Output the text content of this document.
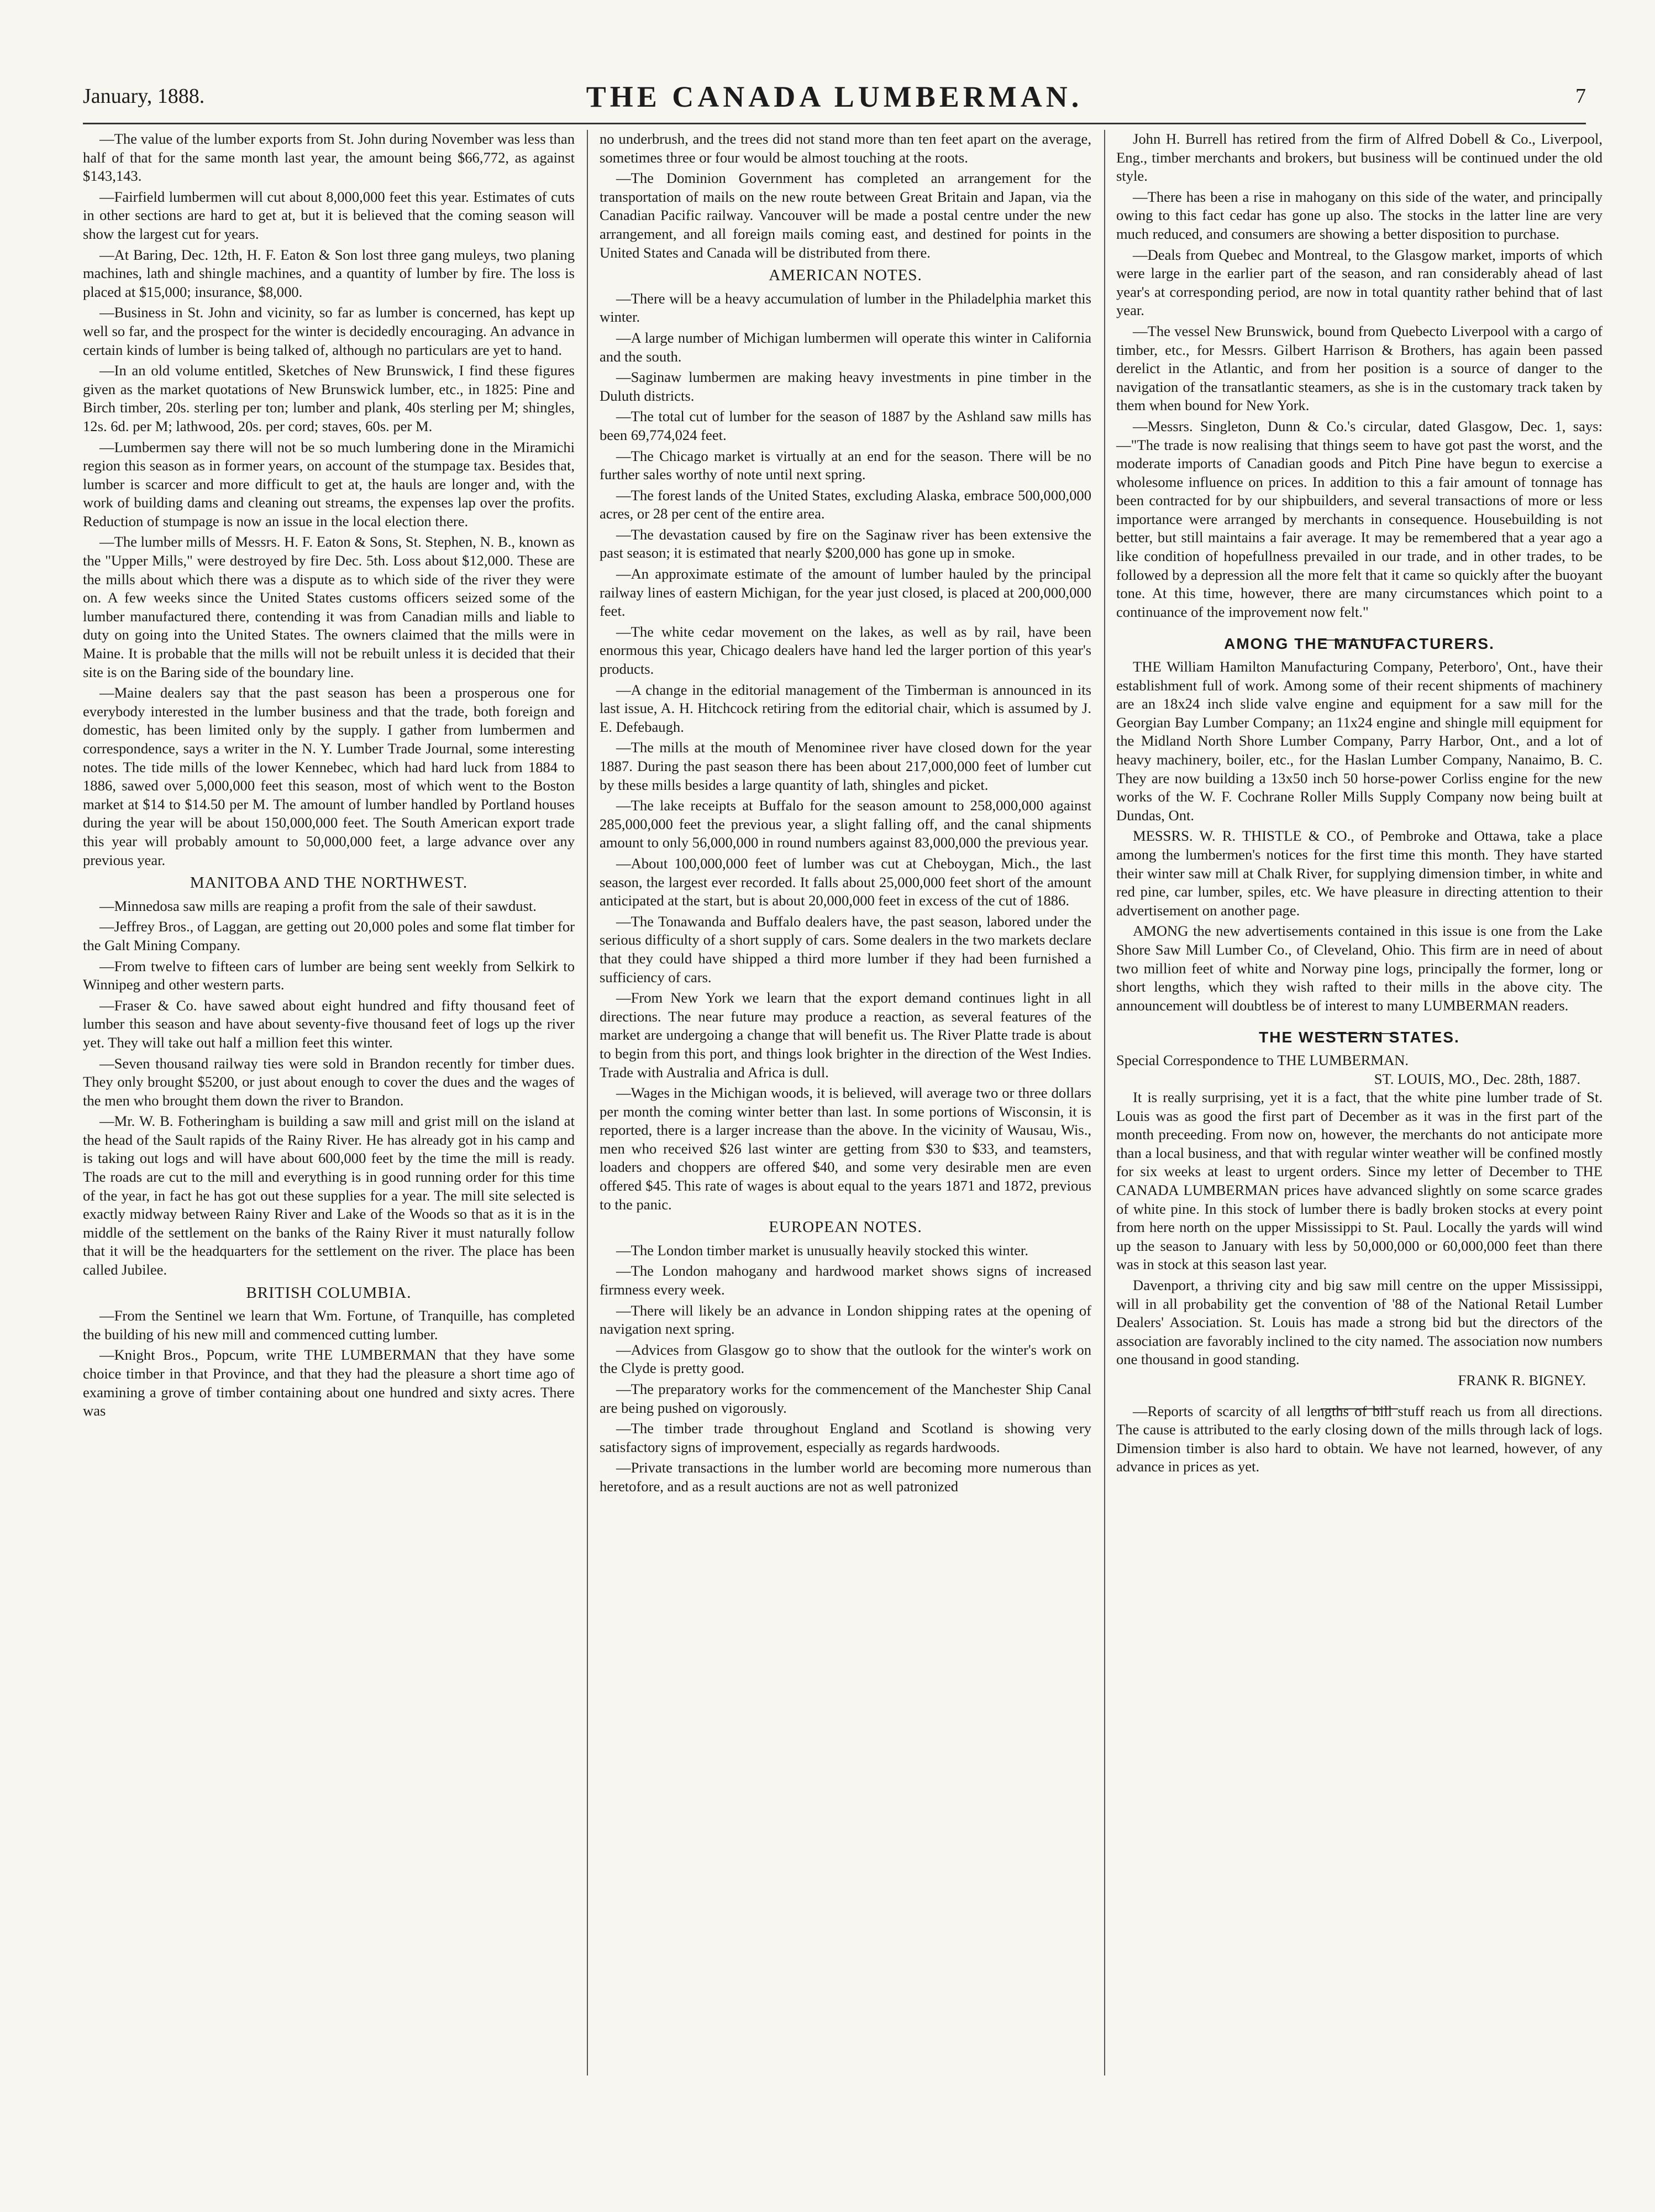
January, 1888.	THE CANADA LUMBERMAN.	7

—The value of the lumber exports from St. John during November was less than half of that for the same month last year, the amount being $66,772, as against $143,143.

—Fairfield lumbermen will cut about 8,000,000 feet this year. Estimates of cuts in other sections are hard to get at, but it is believed that the coming season will show the largest cut for years.

—At Baring, Dec. 12th, H. F. Eaton & Son lost three gang muleys, two planing machines, lath and shingle machines, and a quantity of lumber by fire. The loss is placed at $15,000; insurance, $8,000.

—Business in St. John and vicinity, so far as lumber is concerned, has kept up well so far, and the prospect for the winter is decidedly encouraging. An advance in certain kinds of lumber is being talked of, although no particulars are yet to hand.

—In an old volume entitled, Sketches of New Brunswick, I find these figures given as the market quotations of New Brunswick lumber, etc., in 1825: Pine and Birch timber, 20s. sterling per ton; lumber and plank, 40s sterling per M; shingles, 12s. 6d. per M; lathwood, 20s. per cord; staves, 60s. per M.

—Lumbermen say there will not be so much lumbering done in the Miramichi region this season as in former years, on account of the stumpage tax. Besides that, lumber is scarcer and more difficult to get at, the hauls are longer and, with the work of building dams and cleaning out streams, the expenses lap over the profits. Reduction of stumpage is now an issue in the local election there.

—The lumber mills of Messrs. H. F. Eaton & Sons, St. Stephen, N. B., known as the "Upper Mills," were destroyed by fire Dec. 5th. Loss about $12,000. These are the mills about which there was a dispute as to which side of the river they were on. A few weeks since the United States customs officers seized some of the lumber manufactured there, contending it was from Canadian mills and liable to duty on going into the United States. The owners claimed that the mills were in Maine. It is probable that the mills will not be rebuilt unless it is decided that their site is on the Baring side of the boundary line.

—Maine dealers say that the past season has been a prosperous one for everybody interested in the lumber business and that the trade, both foreign and domestic, has been limited only by the supply. I gather from lumbermen and correspondence, says a writer in the N. Y. Lumber Trade Journal, some interesting notes. The tide mills of the lower Kennebec, which had hard luck from 1884 to 1886, sawed over 5,000,000 feet this season, most of which went to the Boston market at $14 to $14.50 per M. The amount of lumber handled by Portland houses during the year will be about 150,000,000 feet. The South American export trade this year will probably amount to 50,000,000 feet, a large advance over any previous year.

MANITOBA AND THE NORTHWEST.

—Minnedosa saw mills are reaping a profit from the sale of their sawdust.

—Jeffrey Bros., of Laggan, are getting out 20,000 poles and some flat timber for the Galt Mining Company.

—From twelve to fifteen cars of lumber are being sent weekly from Selkirk to Winnipeg and other western parts.

—Fraser & Co. have sawed about eight hundred and fifty thousand feet of lumber this season and have about seventy-five thousand feet of logs up the river yet. They will take out half a million feet this winter.

—Seven thousand railway ties were sold in Brandon recently for timber dues. They only brought $5200, or just about enough to cover the dues and the wages of the men who brought them down the river to Brandon.

—Mr. W. B. Fotheringham is building a saw mill and grist mill on the island at the head of the Sault rapids of the Rainy River. He has already got in his camp and is taking out logs and will have about 600,000 feet by the time the mill is ready. The roads are cut to the mill and everything is in good running order for this time of the year, in fact he has got out these supplies for a year. The mill site selected is exactly midway between Rainy River and Lake of the Woods so that as it is in the middle of the settlement on the banks of the Rainy River it must naturally follow that it will be the headquarters for the settlement on the river. The place has been called Jubilee.

BRITISH COLUMBIA.

—From the Sentinel we learn that Wm. Fortune, of Tranquille, has completed the building of his new mill and commenced cutting lumber.

—Knight Bros., Popcum, write THE LUMBERMAN that they have some choice timber in that Province, and that they had the pleasure a short time ago of examining a grove of timber containing about one hundred and sixty acres. There was

no underbrush, and the trees did not stand more than ten feet apart on the average, sometimes three or four would be almost touching at the roots.

—The Dominion Government has completed an arrangement for the transportation of mails on the new route between Great Britain and Japan, via the Canadian Pacific railway. Vancouver will be made a postal centre under the new arrangement, and all foreign mails coming east, and destined for points in the United States and Canada will be distributed from there.

AMERICAN NOTES.

—There will be a heavy accumulation of lumber in the Philadelphia market this winter.

—A large number of Michigan lumbermen will operate this winter in California and the south.

—Saginaw lumbermen are making heavy investments in pine timber in the Duluth districts.

—The total cut of lumber for the season of 1887 by the Ashland saw mills has been 69,774,024 feet.

—The Chicago market is virtually at an end for the season. There will be no further sales worthy of note until next spring.

—The forest lands of the United States, excluding Alaska, embrace 500,000,000 acres, or 28 per cent of the entire area.

—The devastation caused by fire on the Saginaw river has been extensive the past season; it is estimated that nearly $200,000 has gone up in smoke.

—An approximate estimate of the amount of lumber hauled by the principal railway lines of eastern Michigan, for the year just closed, is placed at 200,000,000 feet.

—The white cedar movement on the lakes, as well as by rail, have been enormous this year, Chicago dealers have hand led the larger portion of this year's products.

—A change in the editorial management of the Timberman is announced in its last issue, A. H. Hitchcock retiring from the editorial chair, which is assumed by J. E. Defebaugh.

—The mills at the mouth of Menominee river have closed down for the year 1887. During the past season there has been about 217,000,000 feet of lumber cut by these mills besides a large quantity of lath, shingles and picket.

—The lake receipts at Buffalo for the season amount to 258,000,000 against 285,000,000 feet the previous year, a slight falling off, and the canal shipments amount to only 56,000,000 in round numbers against 83,000,000 the previous year.

—About 100,000,000 feet of lumber was cut at Cheboygan, Mich., the last season, the largest ever recorded. It falls about 25,000,000 feet short of the amount anticipated at the start, but is about 20,000,000 feet in excess of the cut of 1886.

—The Tonawanda and Buffalo dealers have, the past season, labored under the serious difficulty of a short supply of cars. Some dealers in the two markets declare that they could have shipped a third more lumber if they had been furnished a sufficiency of cars.

—From New York we learn that the export demand continues light in all directions. The near future may produce a reaction, as several features of the market are undergoing a change that will benefit us. The River Platte trade is about to begin from this port, and things look brighter in the direction of the West Indies. Trade with Australia and Africa is dull.

—Wages in the Michigan woods, it is believed, will average two or three dollars per month the coming winter better than last. In some portions of Wisconsin, it is reported, there is a larger increase than the above. In the vicinity of Wausau, Wis., men who received $26 last winter are getting from $30 to $33, and teamsters, loaders and choppers are offered $40, and some very desirable men are even offered $45. This rate of wages is about equal to the years 1871 and 1872, previous to the panic.

EUROPEAN NOTES.

—The London timber market is unusually heavily stocked this winter.

—The London mahogany and hardwood market shows signs of increased firmness every week.

—There will likely be an advance in London shipping rates at the opening of navigation next spring.

—Advices from Glasgow go to show that the outlook for the winter's work on the Clyde is pretty good.

—The preparatory works for the commencement of the Manchester Ship Canal are being pushed on vigorously.

—The timber trade throughout England and Scotland is showing very satisfactory signs of improvement, especially as regards hardwoods.

—Private transactions in the lumber world are becoming more numerous than heretofore, and as a result auctions are not as well patronized

John H. Burrell has retired from the firm of Alfred Dobell & Co., Liverpool, Eng., timber merchants and brokers, but business will be continued under the old style.

—There has been a rise in mahogany on this side of the water, and principally owing to this fact cedar has gone up also. The stocks in the latter line are very much reduced, and consumers are showing a better disposition to purchase.

—Deals from Quebec and Montreal, to the Glasgow market, imports of which were large in the earlier part of the season, and ran considerably ahead of last year's at corresponding period, are now in total quantity rather behind that of last year.

—The vessel New Brunswick, bound from Quebecto Liverpool with a cargo of timber, etc., for Messrs. Gilbert Harrison & Brothers, has again been passed derelict in the Atlantic, and from her position is a source of danger to the navigation of the transatlantic steamers, as she is in the customary track taken by them when bound for New York.

—Messrs. Singleton, Dunn & Co.'s circular, dated Glasgow, Dec. 1, says:—"The trade is now realising that things seem to have got past the worst, and the moderate imports of Canadian goods and Pitch Pine have begun to exercise a wholesome influence on prices. In addition to this a fair amount of tonnage has been contracted for by our shipbuilders, and several transactions of more or less importance were arranged by merchants in consequence. Housebuilding is not better, but still maintains a fair average. It may be remembered that a year ago a like condition of hopefullness prevailed in our trade, and in other trades, to be followed by a depression all the more felt that it came so quickly after the buoyant tone. At this time, however, there are many circumstances which point to a continuance of the improvement now felt."

AMONG THE MANUFACTURERS.

THE William Hamilton Manufacturing Company, Peterboro', Ont., have their establishment full of work. Among some of their recent shipments of machinery are an 18x24 inch slide valve engine and equipment for a saw mill for the Georgian Bay Lumber Company; an 11x24 engine and shingle mill equipment for the Midland North Shore Lumber Company, Parry Harbor, Ont., and a lot of heavy machinery, boiler, etc., for the Haslan Lumber Company, Nanaimo, B. C. They are now building a 13x50 inch 50 horse-power Corliss engine for the new works of the W. F. Cochrane Roller Mills Supply Company now being built at Dundas, Ont.

MESSRS. W. R. THISTLE & CO., of Pembroke and Ottawa, take a place among the lumbermen's notices for the first time this month. They have started their winter saw mill at Chalk River, for supplying dimension timber, in white and red pine, car lumber, spiles, etc. We have pleasure in directing attention to their advertisement on another page.

AMONG the new advertisements contained in this issue is one from the Lake Shore Saw Mill Lumber Co., of Cleveland, Ohio. This firm are in need of about two million feet of white and Norway pine logs, principally the former, long or short lengths, which they wish rafted to their mills in the above city. The announcement will doubtless be of interest to many LUMBERMAN readers.

THE WESTERN STATES.

Special Correspondence to THE LUMBERMAN.

ST. LOUIS, MO., Dec. 28th, 1887.

It is really surprising, yet it is a fact, that the white pine lumber trade of St. Louis was as good the first part of December as it was in the first part of the month preceeding. From now on, however, the merchants do not anticipate more than a local business, and that with regular winter weather will be confined mostly for six weeks at least to urgent orders. Since my letter of December to THE CANADA LUMBERMAN prices have advanced slightly on some scarce grades of white pine. In this stock of lumber there is badly broken stocks at every point from here north on the upper Mississippi to St. Paul. Locally the yards will wind up the season to January with less by 50,000,000 or 60,000,000 feet than there was in stock at this season last year.

Davenport, a thriving city and big saw mill centre on the upper Mississippi, will in all probability get the convention of '88 of the National Retail Lumber Dealers' Association. St. Louis has made a strong bid but the directors of the association are favorably inclined to the city named. The association now numbers one thousand in good standing.

FRANK R. BIGNEY.

—Reports of scarcity of all lengths of bill stuff reach us from all directions. The cause is attributed to the early closing down of the mills through lack of logs. Dimension timber is also hard to obtain. We have not learned, however, of any advance in prices as yet.
